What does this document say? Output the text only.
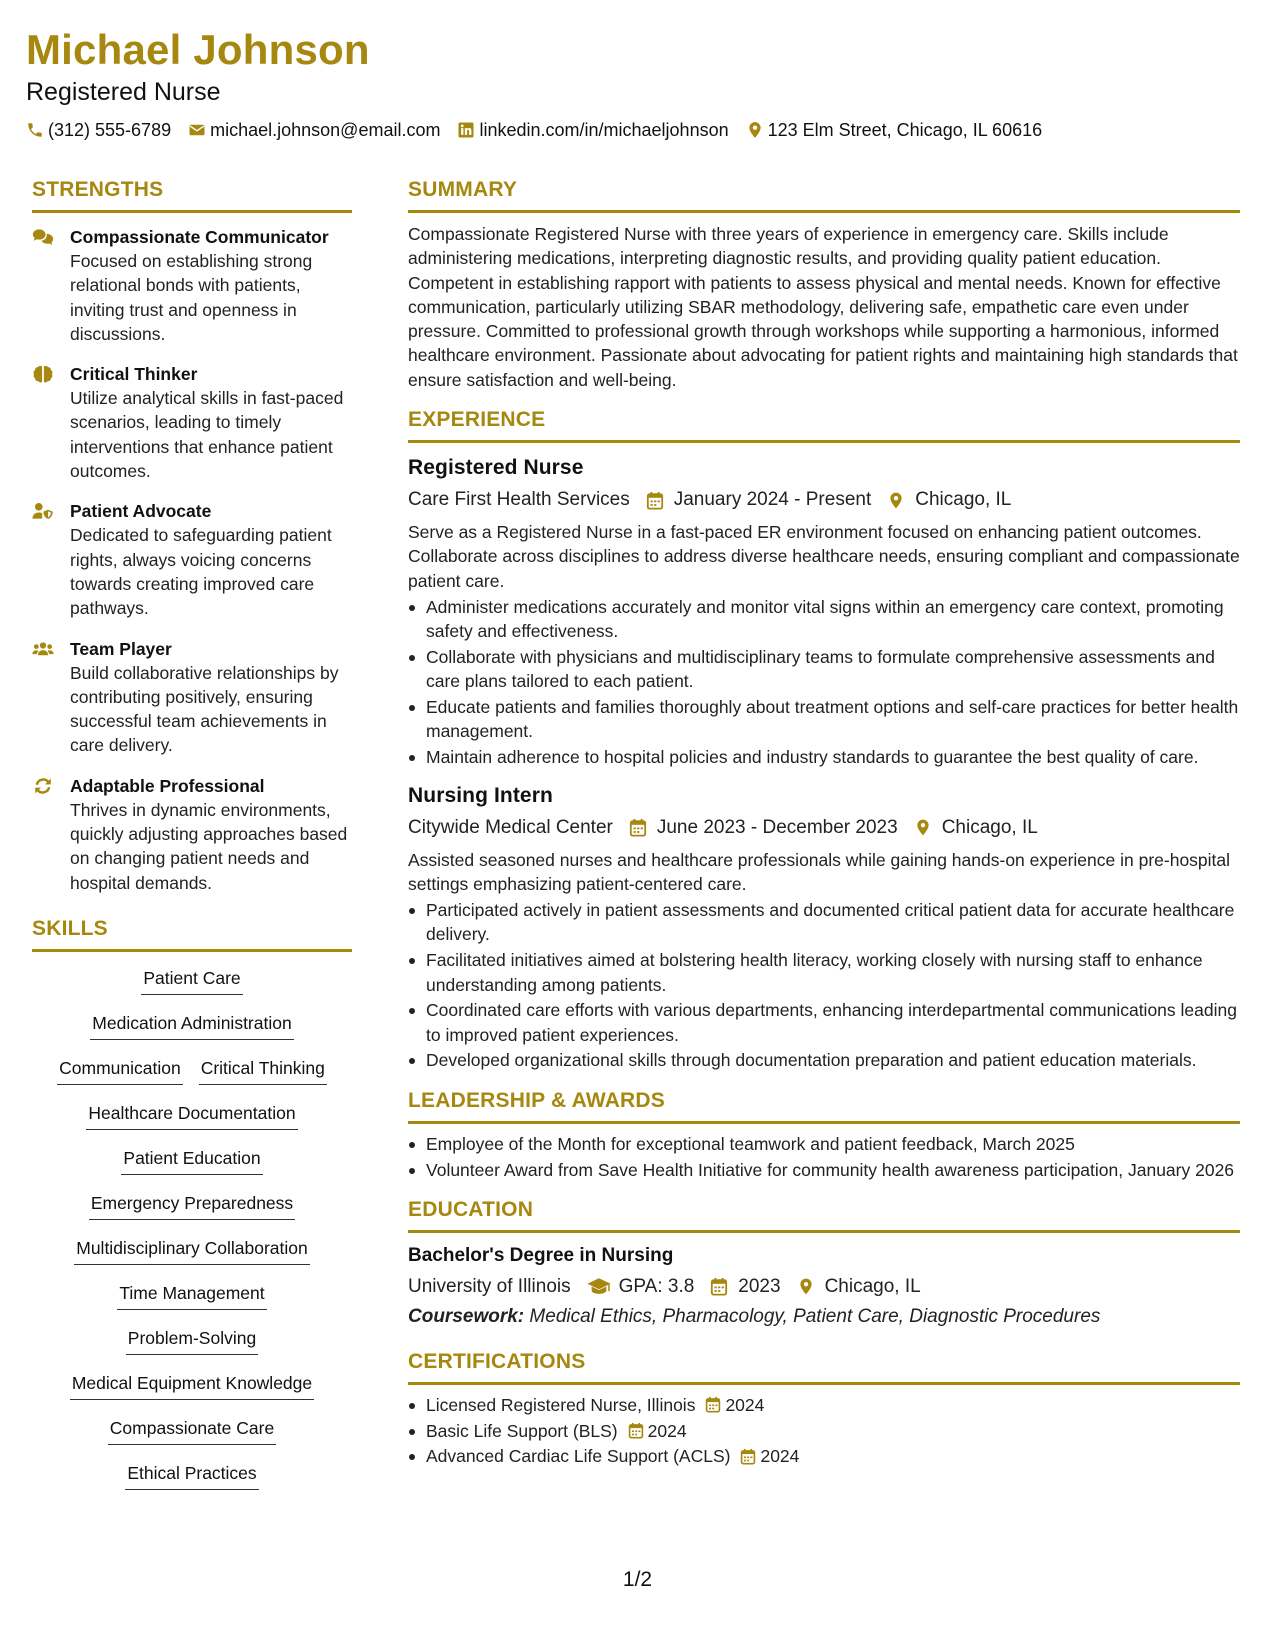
Michael Johnson
Registered Nurse
(312) 555-6789 michael.johnson@email.com linkedin.com/in/michaeljohnson 123 Elm Street, Chicago, IL 60616
STRENGTHS
Compassionate Communicator
Focused on establishing strong relational bonds with patients, inviting trust and openness in discussions.
Critical Thinker
Utilize analytical skills in fast-paced scenarios, leading to timely interventions that enhance patient outcomes.
Patient Advocate
Dedicated to safeguarding patient rights, always voicing concerns towards creating improved care pathways.
Team Player
Build collaborative relationships by contributing positively, ensuring successful team achievements in care delivery.
Adaptable Professional
Thrives in dynamic environments, quickly adjusting approaches based on changing patient needs and hospital demands.
SKILLS
Patient Care
Medication Administration
Communication Critical Thinking
Healthcare Documentation
Patient Education
Emergency Preparedness
Multidisciplinary Collaboration
Time Management
Problem-Solving
Medical Equipment Knowledge
Compassionate Care
Ethical Practices
SUMMARY
Compassionate Registered Nurse with three years of experience in emergency care. Skills include administering medications, interpreting diagnostic results, and providing quality patient education. Competent in establishing rapport with patients to assess physical and mental needs. Known for effective communication, particularly utilizing SBAR methodology, delivering safe, empathetic care even under pressure. Committed to professional growth through workshops while supporting a harmonious, informed healthcare environment. Passionate about advocating for patient rights and maintaining high standards that ensure satisfaction and well-being.
EXPERIENCE
Registered Nurse
Care First Health Services January 2024 - Present Chicago, IL
Serve as a Registered Nurse in a fast-paced ER environment focused on enhancing patient outcomes. Collaborate across disciplines to address diverse healthcare needs, ensuring compliant and compassionate patient care.
Administer medications accurately and monitor vital signs within an emergency care context, promoting safety and effectiveness.
Collaborate with physicians and multidisciplinary teams to formulate comprehensive assessments and care plans tailored to each patient.
Educate patients and families thoroughly about treatment options and self-care practices for better health management.
Maintain adherence to hospital policies and industry standards to guarantee the best quality of care.
Nursing Intern
Citywide Medical Center June 2023 - December 2023 Chicago, IL
Assisted seasoned nurses and healthcare professionals while gaining hands-on experience in pre-hospital settings emphasizing patient-centered care.
Participated actively in patient assessments and documented critical patient data for accurate healthcare delivery.
Facilitated initiatives aimed at bolstering health literacy, working closely with nursing staff to enhance understanding among patients.
Coordinated care efforts with various departments, enhancing interdepartmental communications leading to improved patient experiences.
Developed organizational skills through documentation preparation and patient education materials.
LEADERSHIP & AWARDS
Employee of the Month for exceptional teamwork and patient feedback, March 2025
Volunteer Award from Save Health Initiative for community health awareness participation, January 2026
EDUCATION
Bachelor's Degree in Nursing
University of Illinois	GPA: 3.8 2023 Chicago, IL
Coursework: Medical Ethics, Pharmacology, Patient Care, Diagnostic Procedures
CERTIFICATIONS
Licensed Registered Nurse, Illinois 2024
Basic Life Support (BLS) 2024
Advanced Cardiac Life Support (ACLS) 2024
1/2
